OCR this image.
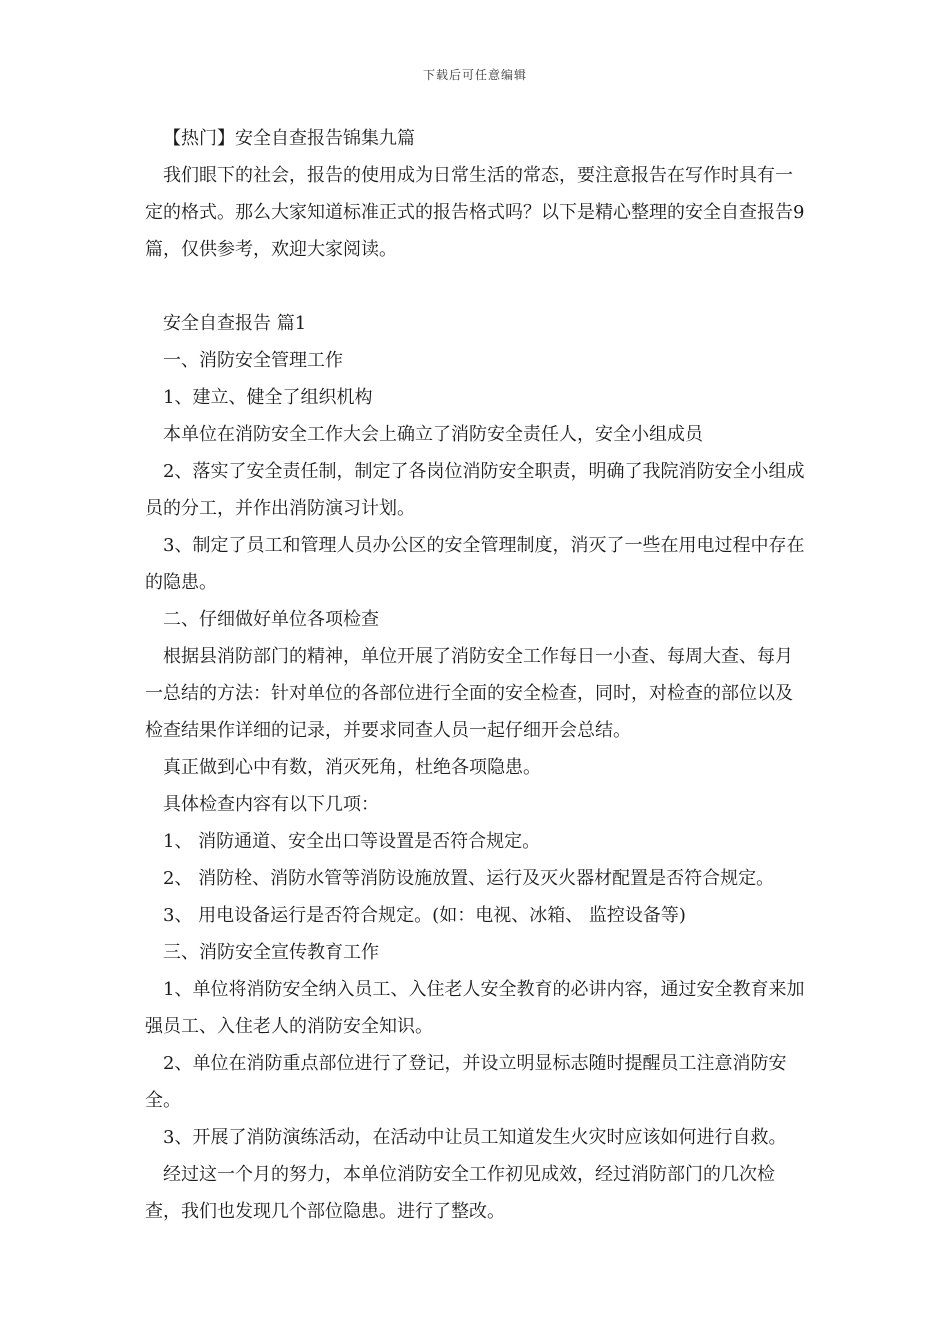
下载后可任意编辑

【热门】安全自查报告锦集九篇

我们眼下的社会，报告的使用成为日常生活的常态，要注意报告在写作时具有一定的格式。那么大家知道标准正式的报告格式吗？以下是精心整理的安全自查报告9篇，仅供参考，欢迎大家阅读。

安全自查报告 篇1

一、消防安全管理工作

1、建立、健全了组织机构

本单位在消防安全工作大会上确立了消防安全责任人，安全小组成员

2、落实了安全责任制，制定了各岗位消防安全职责，明确了我院消防安全小组成员的分工，并作出消防演习计划。

3、制定了员工和管理人员办公区的安全管理制度，消灭了一些在用电过程中存在的隐患。

二、仔细做好单位各项检查

根据县消防部门的精神，单位开展了消防安全工作每日一小查、每周大查、每月一总结的方法：针对单位的各部位进行全面的安全检查，同时，对检查的部位以及检查结果作详细的记录，并要求同查人员一起仔细开会总结。

真正做到心中有数，消灭死角，杜绝各项隐患。

具体检查内容有以下几项：

1、 消防通道、安全出口等设置是否符合规定。

2、 消防栓、消防水管等消防设施放置、运行及灭火器材配置是否符合规定。

3、 用电设备运行是否符合规定。(如：电视、冰箱、 监控设备等)

三、消防安全宣传教育工作

1、单位将消防安全纳入员工、入住老人安全教育的必讲内容，通过安全教育来加强员工、入住老人的消防安全知识。

2、单位在消防重点部位进行了登记，并设立明显标志随时提醒员工注意消防安全。

3、开展了消防演练活动，在活动中让员工知道发生火灾时应该如何进行自救。

经过这一个月的努力，本单位消防安全工作初见成效，经过消防部门的几次检查，我们也发现几个部位隐患。进行了整改。
